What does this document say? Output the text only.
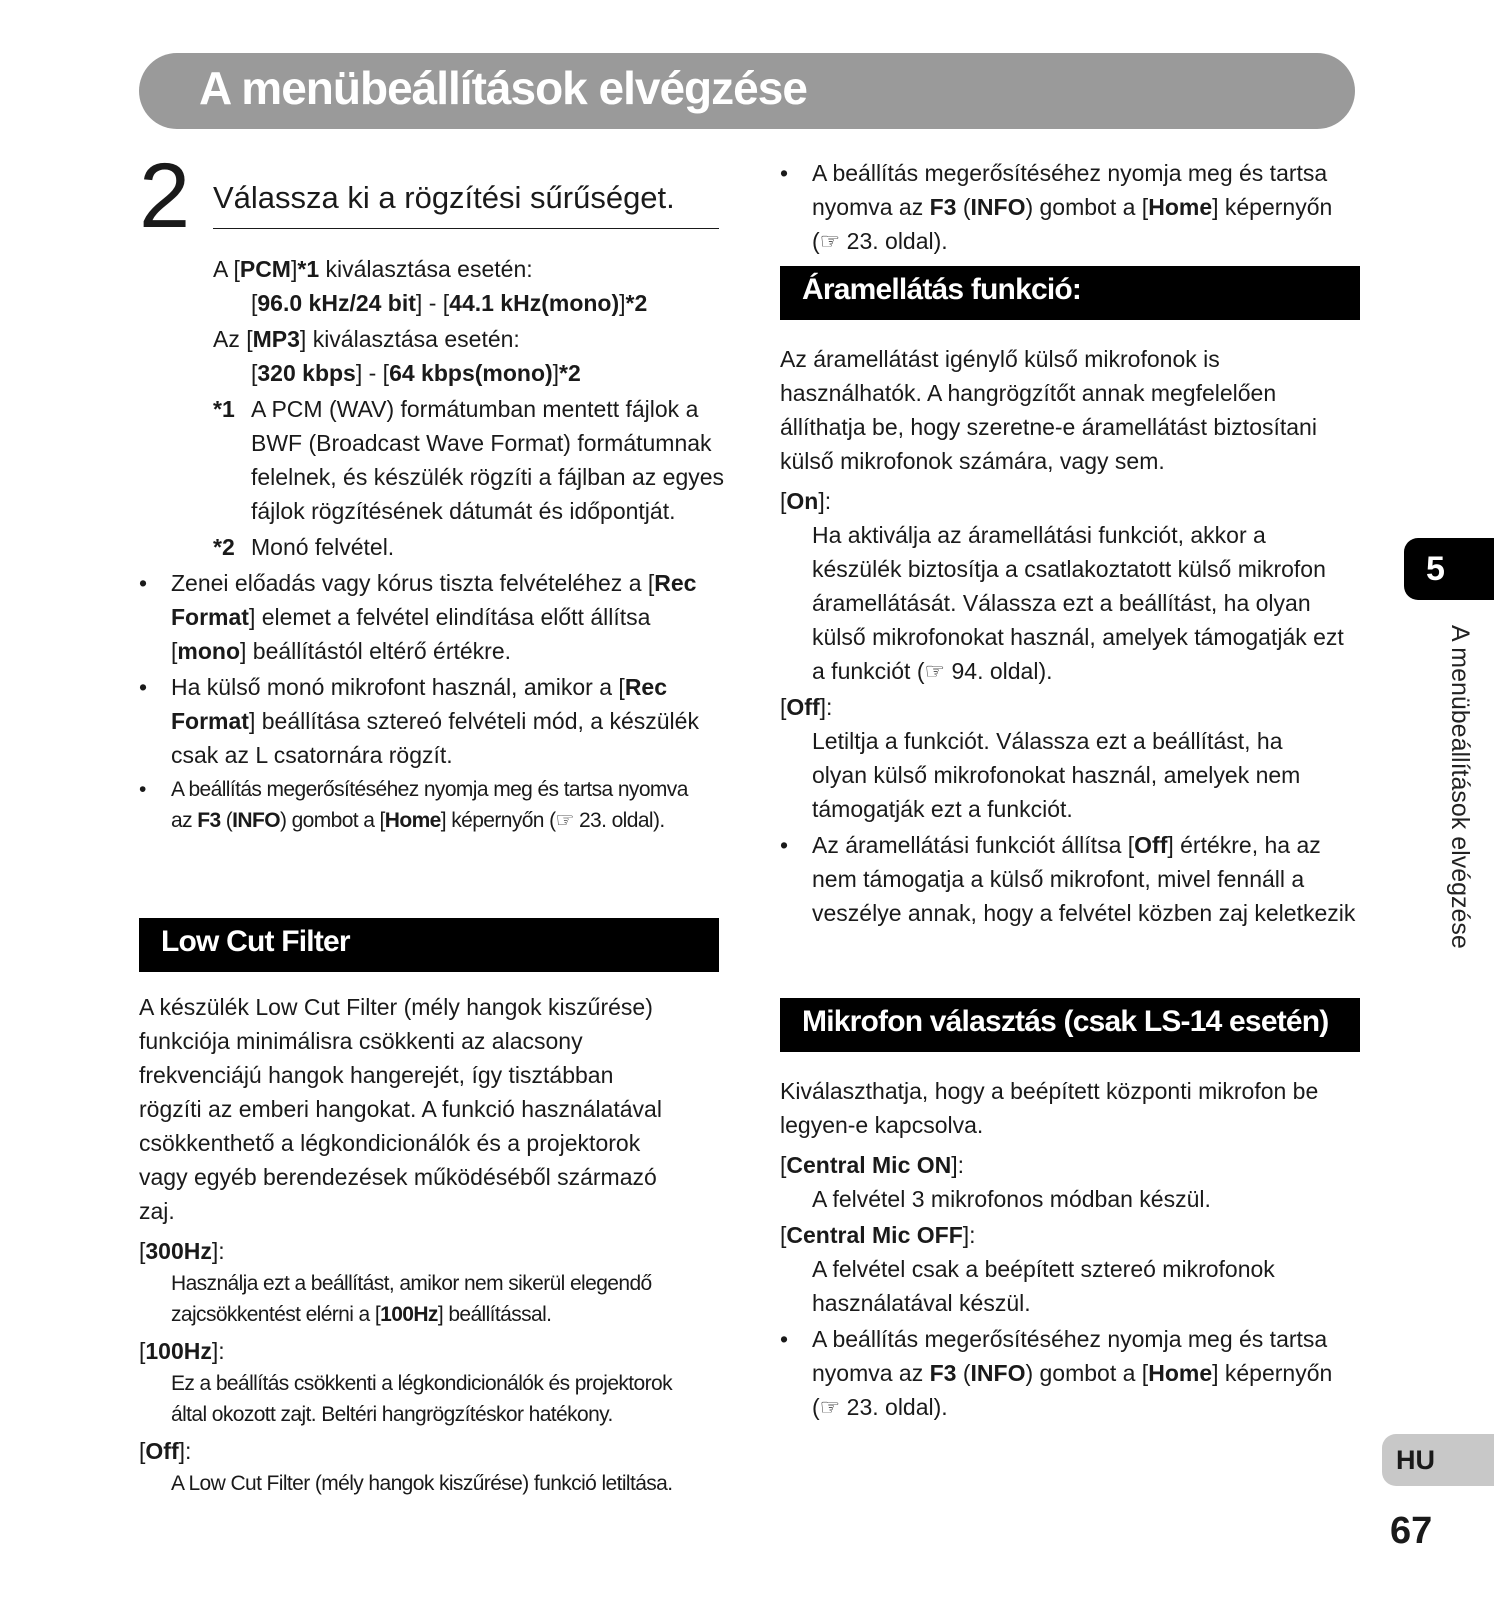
A menübeállítások elvégzése
2 Válassza ki a rögzítési sűrűséget.
A [PCM]*1 kiválasztása esetén:
[96.0 kHz/24 bit] - [44.1 kHz(mono)]*2
Az [MP3] kiválasztása esetén:
[320 kbps] - [64 kbps(mono)]*2
*1 A PCM (WAV) formátumban mentett fájlok a
BWF (Broadcast Wave Format) formátumnak
felelnek, és készülék rögzíti a fájlban az egyes
fájlok rögzítésének dátumát és időpontját.
*2 Monó felvétel.
• Zenei előadás vagy kórus tiszta felvételéhez a [Rec
Format] elemet a felvétel elindítása előtt állítsa
[mono] beállítástól eltérő értékre.
• Ha külső monó mikrofont használ, amikor a [Rec
Format] beállítása sztereó felvételi mód, a készülék
csak az L csatornára rögzít.
• A beállítás megerősítéséhez nyomja meg és tartsa nyomva
az F3 (INFO) gombot a [Home] képernyőn (☞ 23. oldal).
Low Cut Filter
A készülék Low Cut Filter (mély hangok kiszűrése)
funkciója minimálisra csökkenti az alacsony
frekvenciájú hangok hangerejét, így tisztábban
rögzíti az emberi hangokat. A funkció használatával
csökkenthető a légkondicionálók és a projektorok
vagy egyéb berendezések működéséből származó
zaj.
[300Hz]:
Használja ezt a beállítást, amikor nem sikerül elegendő
zajcsökkentést elérni a [100Hz] beállítással.
[100Hz]:
Ez a beállítás csökkenti a légkondicionálók és projektorok
által okozott zajt. Beltéri hangrögzítéskor hatékony.
[Off]:
A Low Cut Filter (mély hangok kiszűrése) funkció letiltása.
• A beállítás megerősítéséhez nyomja meg és tartsa
nyomva az F3 (INFO) gombot a [Home] képernyőn
(☞ 23. oldal).
Áramellátás funkció:
Az áramellátást igénylő külső mikrofonok is
használhatók. A hangrögzítőt annak megfelelően
állíthatja be, hogy szeretne-e áramellátást biztosítani
külső mikrofonok számára, vagy sem.
[On]:
Ha aktiválja az áramellátási funkciót, akkor a
készülék biztosítja a csatlakoztatott külső mikrofon
áramellátását. Válassza ezt a beállítást, ha olyan
külső mikrofonokat használ, amelyek támogatják ezt
a funkciót (☞ 94. oldal).
[Off]:
Letiltja a funkciót. Válassza ezt a beállítást, ha
olyan külső mikrofonokat használ, amelyek nem
támogatják ezt a funkciót.
• Az áramellátási funkciót állítsa [Off] értékre, ha az
nem támogatja a külső mikrofont, mivel fennáll a
veszélye annak, hogy a felvétel közben zaj keletkezik
Mikrofon választás (csak LS-14 esetén)
Kiválaszthatja, hogy a beépített központi mikrofon be
legyen-e kapcsolva.
[Central Mic ON]:
A felvétel 3 mikrofonos módban készül.
[Central Mic OFF]:
A felvétel csak a beépített sztereó mikrofonok
használatával készül.
• A beállítás megerősítéséhez nyomja meg és tartsa
nyomva az F3 (INFO) gombot a [Home] képernyőn
(☞ 23. oldal).
5
A menübeállítások elvégzése
HU
67
